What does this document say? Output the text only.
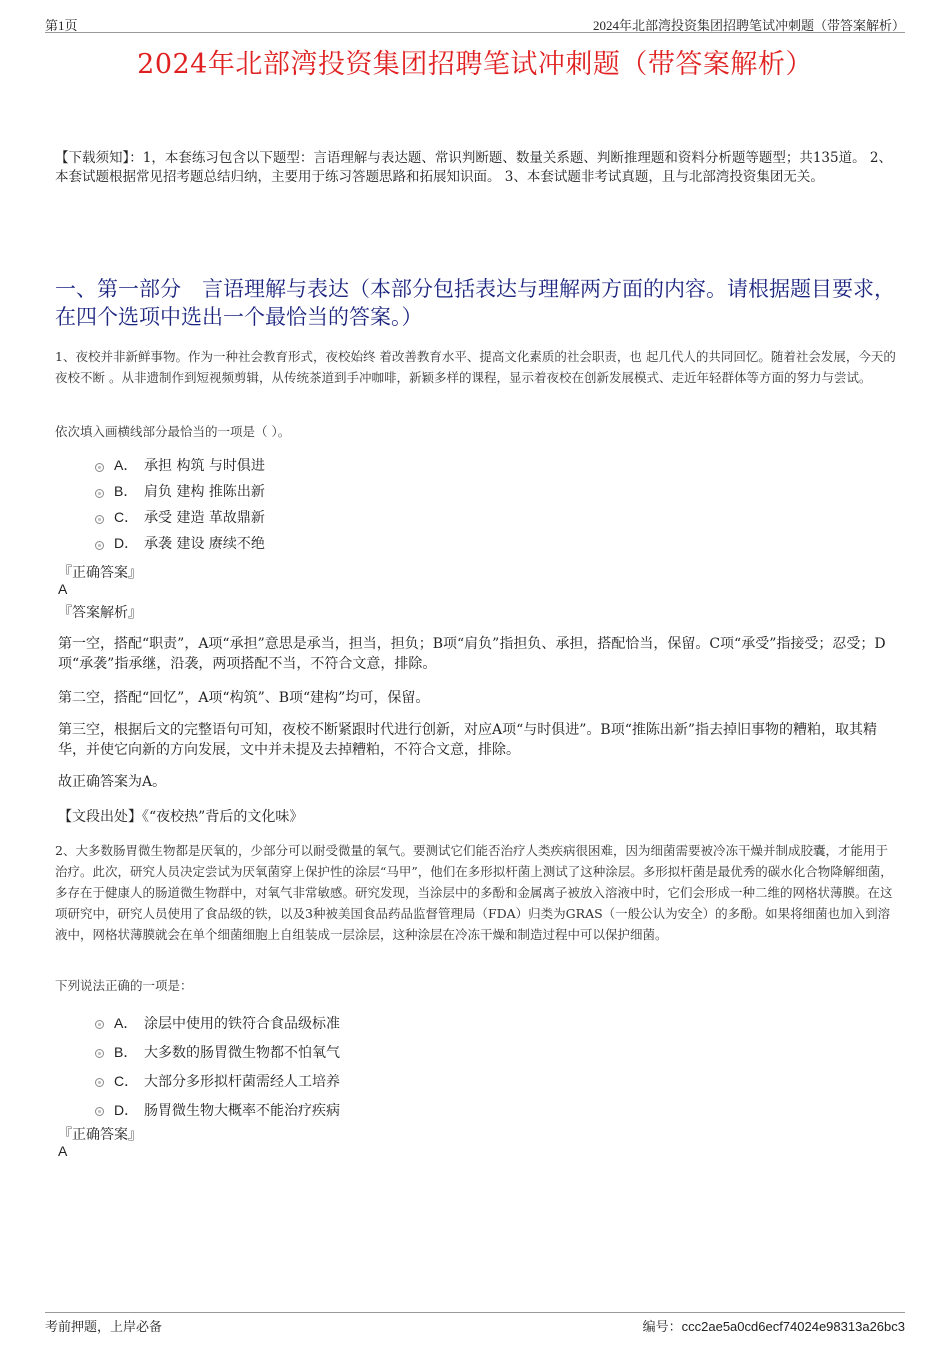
第1页	2024年北部湾投资集团招聘笔试冲刺题（带答案解析）
2024年北部湾投资集团招聘笔试冲刺题（带答案解析）
【下载须知】：1，本套练习包含以下题型：言语理解与表达题、常识判断题、数量关系题、判断推理题和资料分析题等题型；共135道。 2、本套试题根据常见招考题总结归纳，主要用于练习答题思路和拓展知识面。 3、本套试题非考试真题，且与北部湾投资集团无关。
一、第一部分　言语理解与表达（本部分包括表达与理解两方面的内容。请根据题目要求，在四个选项中选出一个最恰当的答案。）
1、夜校并非新鲜事物。作为一种社会教育形式，夜校始终 着改善教育水平、提高文化素质的社会职责，也 起几代人的共同回忆。随着社会发展，今天的夜校不断 。从非遗制作到短视频剪辑，从传统茶道到手冲咖啡，新颖多样的课程，显示着夜校在创新发展模式、走近年轻群体等方面的努力与尝试。
依次填入画横线部分最恰当的一项是（ ）。
A． 承担 构筑 与时俱进
B． 肩负 建构 推陈出新
C． 承受 建造 革故鼎新
D． 承袭 建设 赓续不绝
『正确答案』
A
『答案解析』
第一空，搭配“职责”，A项“承担”意思是承当，担当，担负；B项“肩负”指担负、承担，搭配恰当，保留。C项“承受”指接受；忍受；D项“承袭”指承继，沿袭，两项搭配不当，不符合文意，排除。
第二空，搭配“回忆”，A项“构筑”、B项“建构”均可，保留。
第三空，根据后文的完整语句可知，夜校不断紧跟时代进行创新，对应A项“与时俱进”。B项“推陈出新”指去掉旧事物的糟粕，取其精华，并使它向新的方向发展，文中并未提及去掉糟粕，不符合文意，排除。
故正确答案为A。
【文段出处】《“夜校热”背后的文化味》
2、大多数肠胃微生物都是厌氧的，少部分可以耐受微量的氧气。要测试它们能否治疗人类疾病很困难，因为细菌需要被冷冻干燥并制成胶囊，才能用于治疗。此次，研究人员决定尝试为厌氧菌穿上保护性的涂层“马甲”，他们在多形拟杆菌上测试了这种涂层。多形拟杆菌是最优秀的碳水化合物降解细菌，多存在于健康人的肠道微生物群中，对氧气非常敏感。研究发现，当涂层中的多酚和金属离子被放入溶液中时，它们会形成一种二维的网格状薄膜。在这项研究中，研究人员使用了食品级的铁，以及3种被美国食品药品监督管理局（FDA）归类为GRAS（一般公认为安全）的多酚。如果将细菌也加入到溶液中，网格状薄膜就会在单个细菌细胞上自组装成一层涂层，这种涂层在冷冻干燥和制造过程中可以保护细菌。
下列说法正确的一项是：
A． 涂层中使用的铁符合食品级标准
B． 大多数的肠胃微生物都不怕氧气
C． 大部分多形拟杆菌需经人工培养
D． 肠胃微生物大概率不能治疗疾病
『正确答案』
A
考前押题，上岸必备	编号：ccc2ae5a0cd6ecf74024e98313a26bc3
